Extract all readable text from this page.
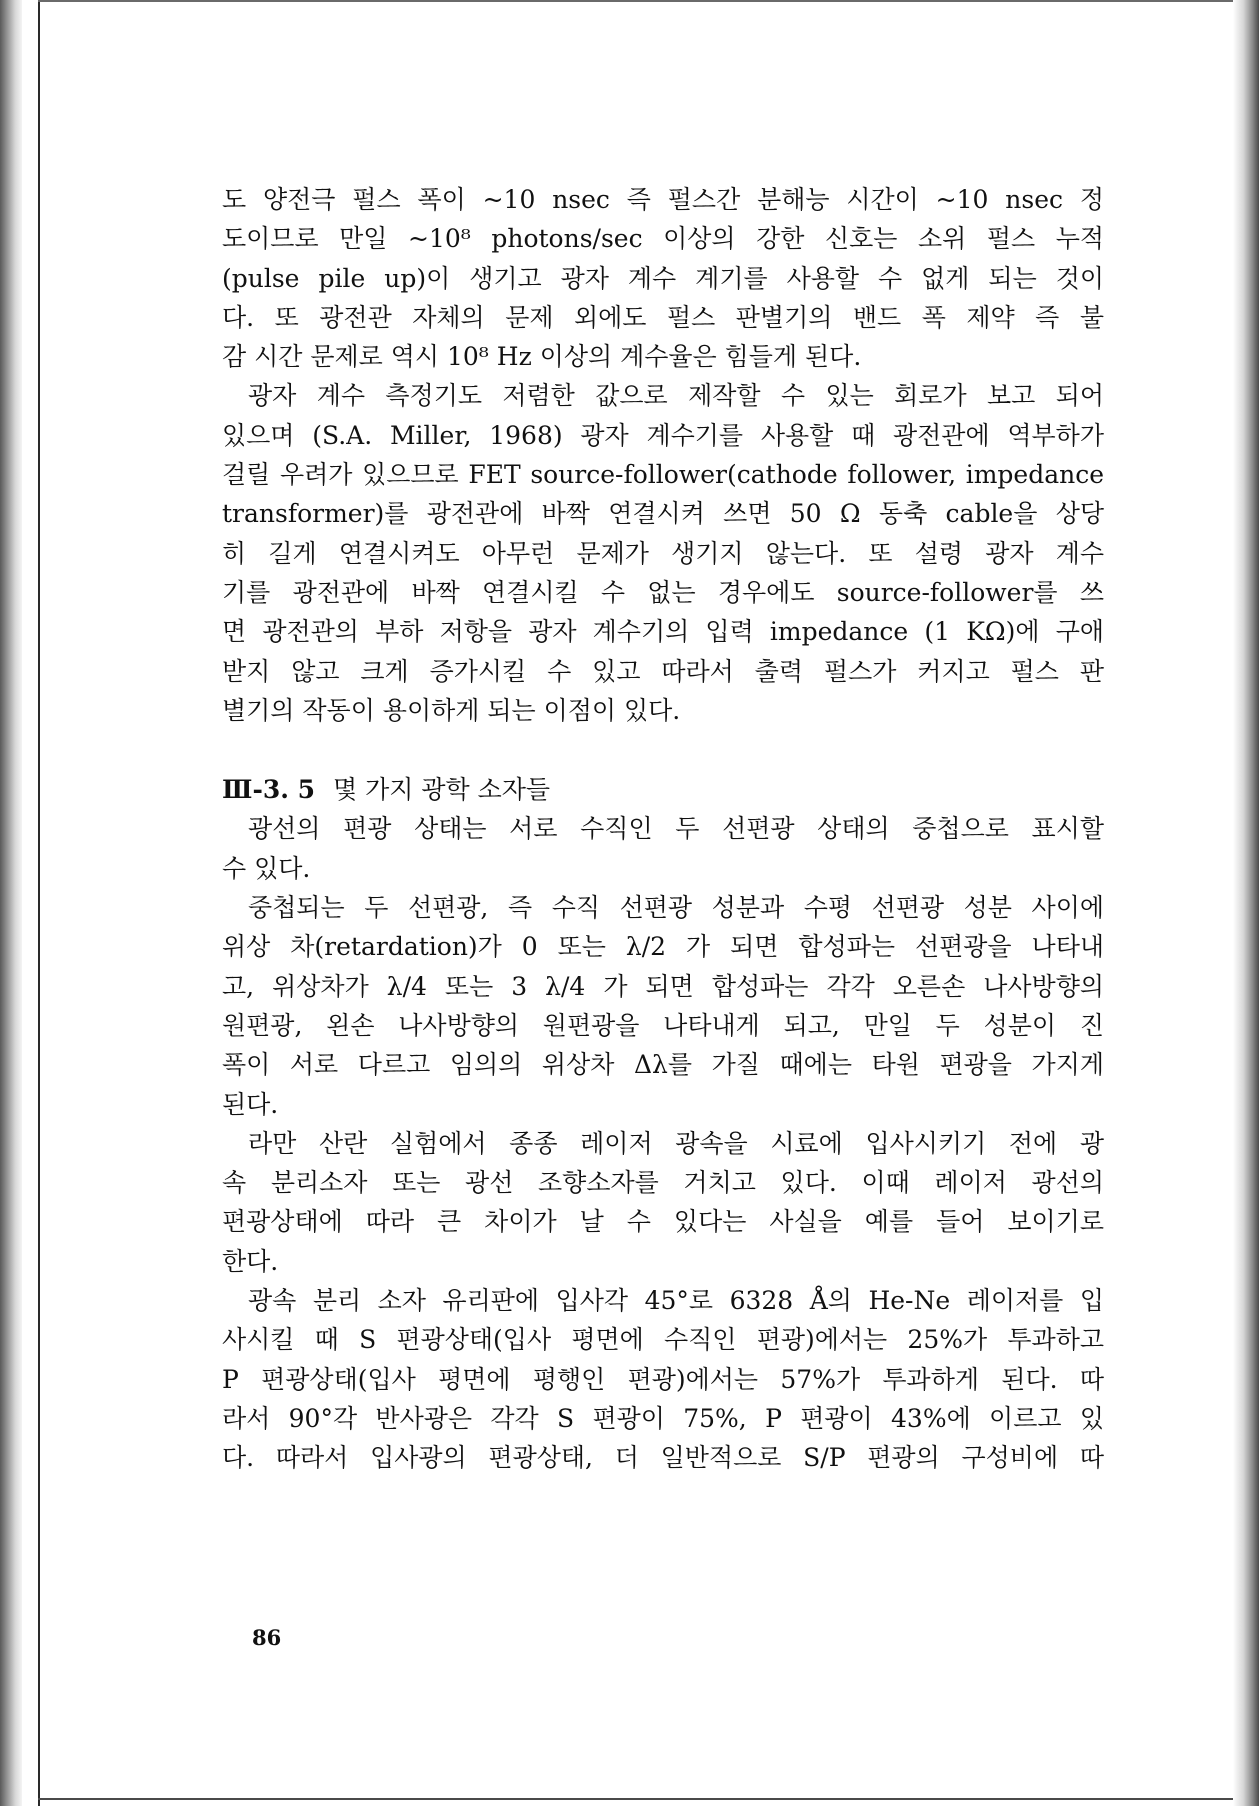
도 양전극 펄스 폭이 ~10 nsec 즉 펄스간 분해능 시간이 ~10 nsec 정
도이므로 만일 ~10⁸ photons/sec 이상의 강한 신호는 소위 펄스 누적
(pulse pile up)이 생기고 광자 계수 계기를 사용할 수 없게 되는 것이
다. 또 광전관 자체의 문제 외에도 펄스 판별기의 밴드 폭 제약 즉 불
감 시간 문제로 역시 10⁸ Hz 이상의 계수율은 힘들게 된다.
광자 계수 측정기도 저렴한 값으로 제작할 수 있는 회로가 보고 되어
있으며 (S.A. Miller, 1968) 광자 계수기를 사용할 때 광전관에 역부하가
걸릴 우려가 있으므로 FET source-follower(cathode follower, impedance
transformer)를 광전관에 바짝 연결시켜 쓰면 50 Ω 동축 cable을 상당
히 길게 연결시켜도 아무런 문제가 생기지 않는다. 또 설령 광자 계수
기를 광전관에 바짝 연결시킬 수 없는 경우에도 source-follower를 쓰
면 광전관의 부하 저항을 광자 계수기의 입력 impedance (1 KΩ)에 구애
받지 않고 크게 증가시킬 수 있고 따라서 출력 펄스가 커지고 펄스 판
별기의 작동이 용이하게 되는 이점이 있다.
Ⅲ-3. 5 몇 가지 광학 소자들
광선의 편광 상태는 서로 수직인 두 선편광 상태의 중첩으로 표시할
수 있다.
중첩되는 두 선편광, 즉 수직 선편광 성분과 수평 선편광 성분 사이에
위상 차(retardation)가 0 또는 λ/2 가 되면 합성파는 선편광을 나타내
고, 위상차가 λ/4 또는 3 λ/4 가 되면 합성파는 각각 오른손 나사방향의
원편광, 왼손 나사방향의 원편광을 나타내게 되고, 만일 두 성분이 진
폭이 서로 다르고 임의의 위상차 Δλ를 가질 때에는 타원 편광을 가지게
된다.
라만 산란 실험에서 종종 레이저 광속을 시료에 입사시키기 전에 광
속 분리소자 또는 광선 조향소자를 거치고 있다. 이때 레이저 광선의
편광상태에 따라 큰 차이가 날 수 있다는 사실을 예를 들어 보이기로
한다.
광속 분리 소자 유리판에 입사각 45°로 6328 Å의 He-Ne 레이저를 입
사시킬 때 S 편광상태(입사 평면에 수직인 편광)에서는 25%가 투과하고
P 편광상태(입사 평면에 평행인 편광)에서는 57%가 투과하게 된다. 따
라서 90°각 반사광은 각각 S 편광이 75%, P 편광이 43%에 이르고 있
다. 따라서 입사광의 편광상태, 더 일반적으로 S/P 편광의 구성비에 따
86
